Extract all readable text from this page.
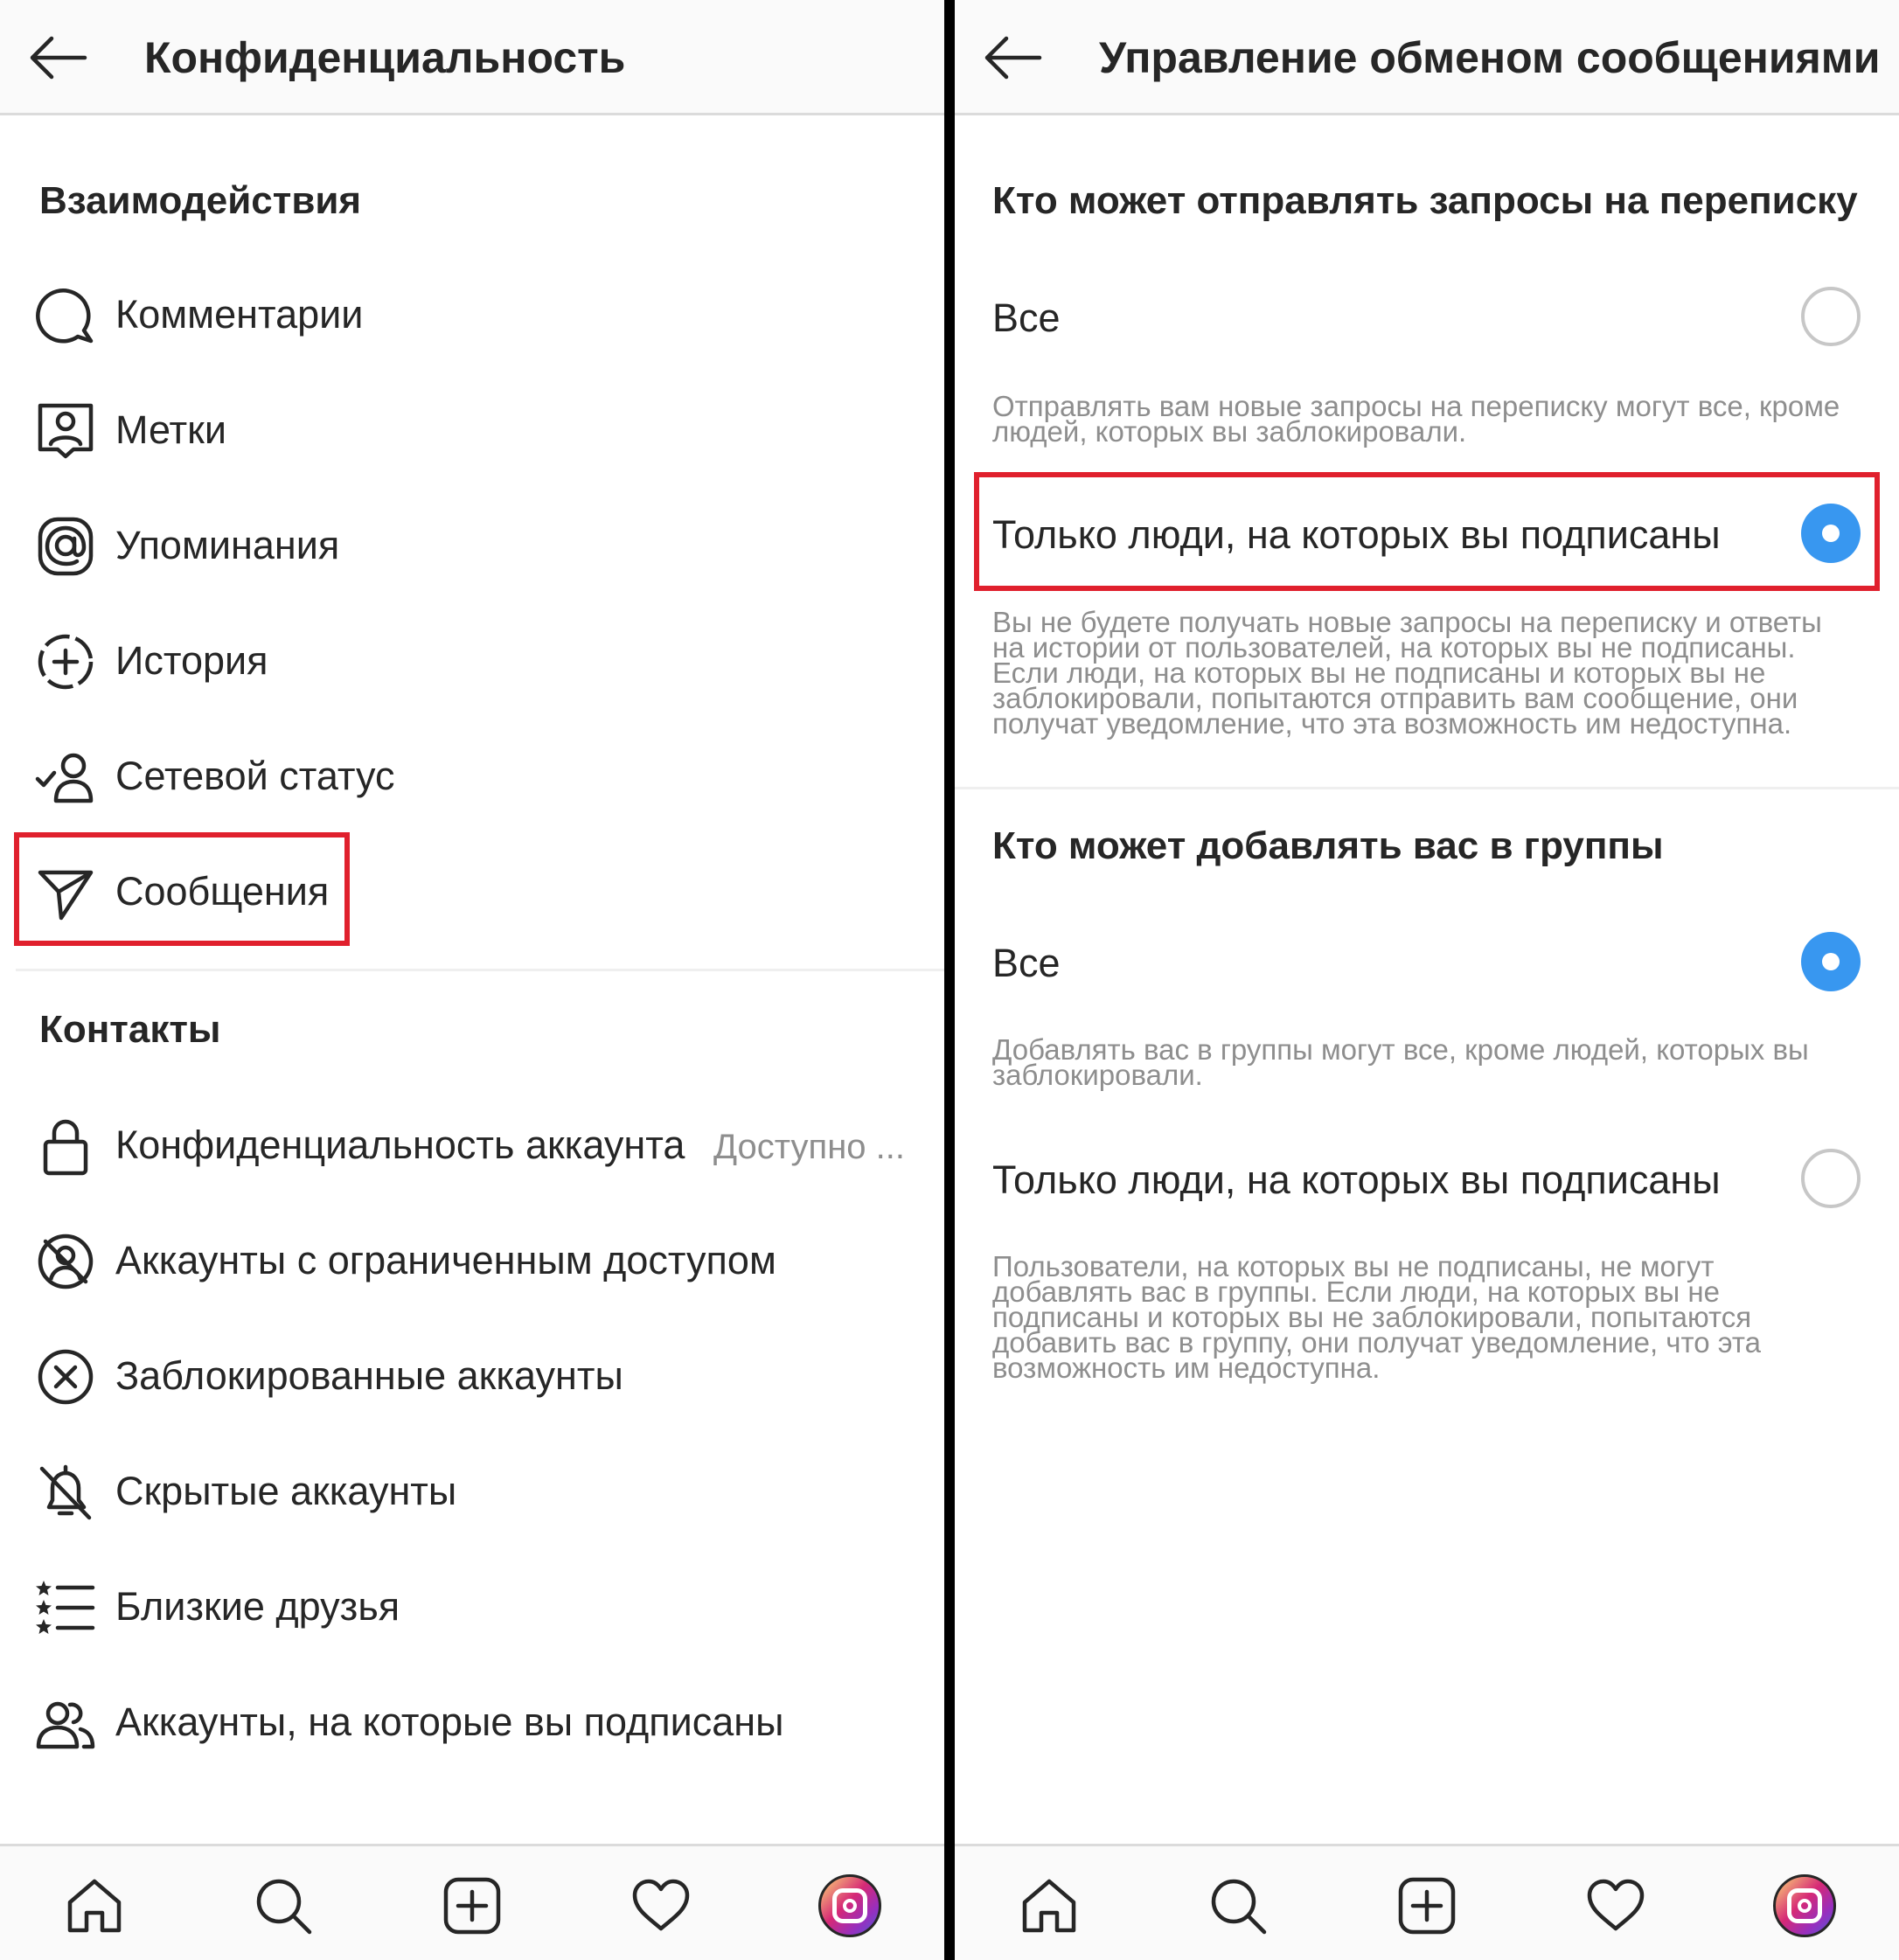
Конфиденциальность
Взаимодействия
Комментарии
Метки
Упоминания
История
Сетевой статус
Сообщения
Контакты
Конфиденциальность аккаунта Доступно ...
Аккаунты с ограниченным доступом
Заблокированные аккаунты
Скрытые аккаунты
Близкие друзья
Аккаунты, на которые вы подписаны
Управление обменом сообщениями
Кто может отправлять запросы на переписку
Все
Отправлять вам новые запросы на переписку могут все, кроме людей, которых вы заблокировали.
Только люди, на которых вы подписаны
Вы не будете получать новые запросы на переписку и ответы на истории от пользователей, на которых вы не подписаны. Если люди, на которых вы не подписаны и которых вы не заблокировали, попытаются отправить вам сообщение, они получат уведомление, что эта возможность им недоступна.
Кто может добавлять вас в группы
Все
Добавлять вас в группы могут все, кроме людей, которых вы заблокировали.
Только люди, на которых вы подписаны
Пользователи, на которых вы не подписаны, не могут добавлять вас в группы. Если люди, на которых вы не подписаны и которых вы не заблокировали, попытаются добавить вас в группу, они получат уведомление, что эта возможность им недоступна.
